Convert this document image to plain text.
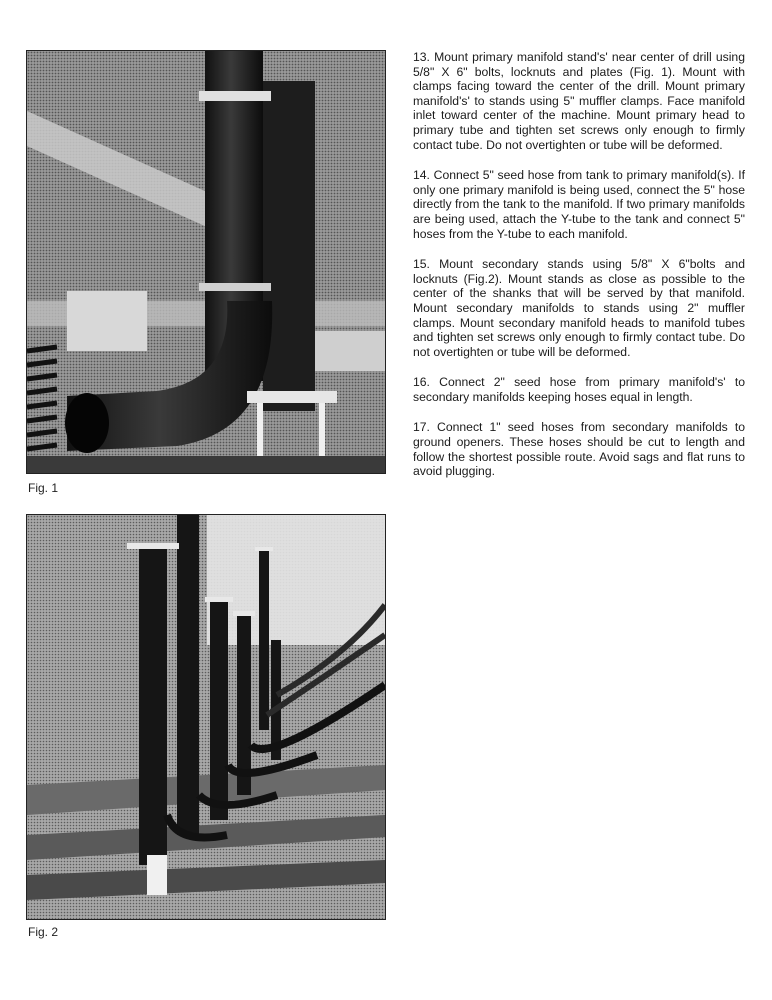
Fig. 1
Fig. 2

13. Mount primary manifold stand's' near center of drill using 5/8" X 6" bolts, locknuts and plates (Fig. 1). Mount with clamps facing toward the center of the drill. Mount primary manifold's' to stands using 5" muffler clamps. Face manifold inlet toward center of the machine. Mount primary head to primary tube and tighten set screws only enough to firmly contact tube. Do not overtighten or tube will be deformed.

14. Connect 5" seed hose from tank to primary manifold(s). If only one primary manifold is being used, connect the 5" hose directly from the tank to the manifold. If two primary manifolds are being used, attach the Y-tube to the tank and connect 5" hoses from the Y-tube to each manifold.

15. Mount secondary stands using 5/8" X 6"bolts and locknuts (Fig.2). Mount stands as close as possible to the center of the shanks that will be served by that manifold. Mount secondary manifolds to stands using 2" muffler clamps. Mount secondary manifold heads to manifold tubes and tighten set screws only enough to firmly contact tube. Do not overtighten or tube will be deformed.

16. Connect 2" seed hose from primary manifold's' to secondary manifolds keeping hoses equal in length.

17. Connect 1" seed hoses from secondary manifolds to ground openers. These hoses should be cut to length and follow the shortest possible route. Avoid sags and flat runs to avoid plugging.
